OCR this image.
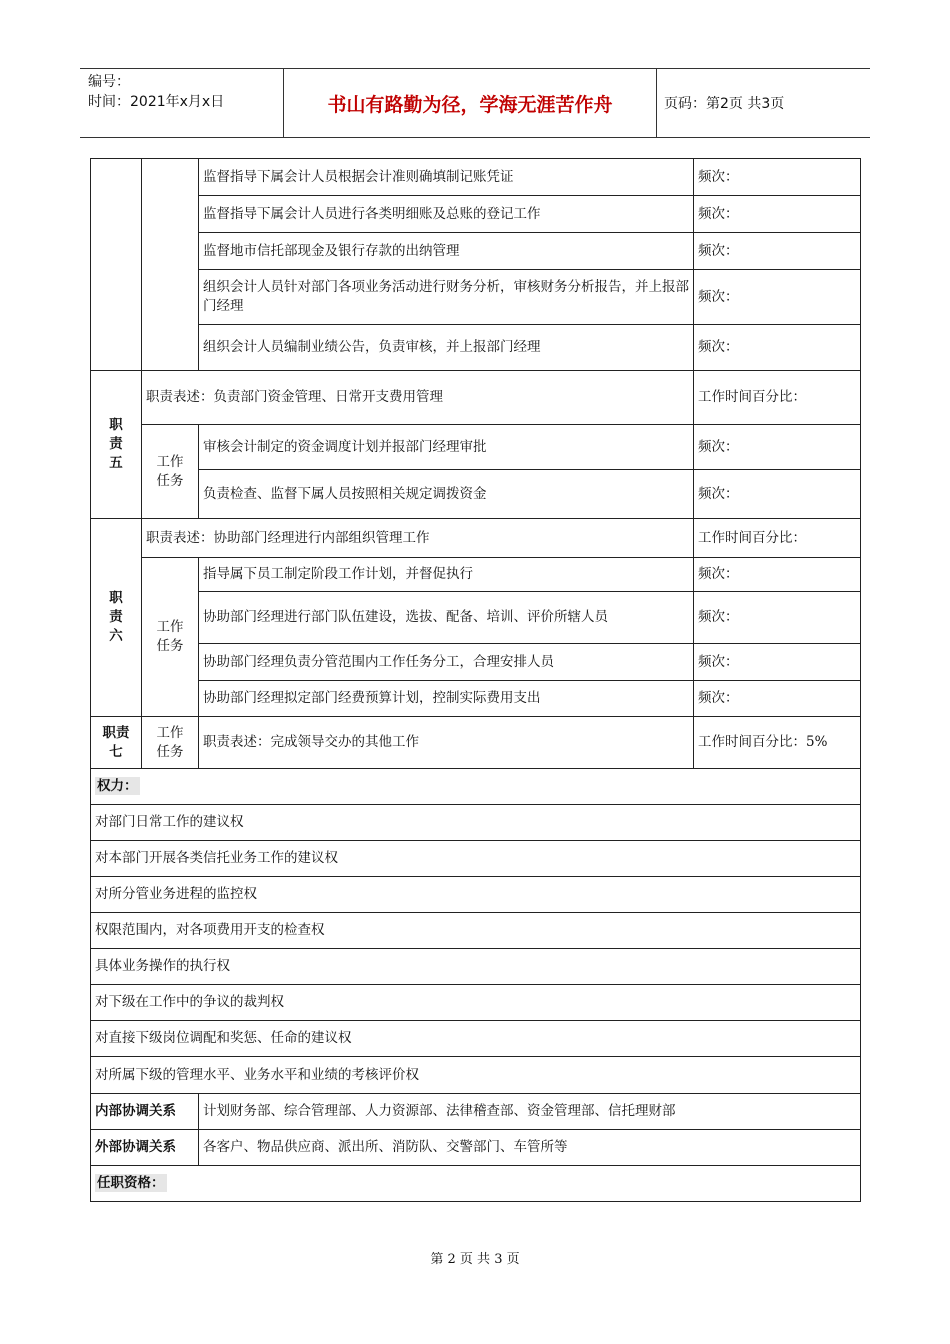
编号：
时间：2021年x月x日	书山有路勤为径，学海无涯苦作舟	页码：第2页 共3页
		监督指导下属会计人员根据会计准则确填制记账凭证	频次：
		监督指导下属会计人员进行各类明细账及总账的登记工作	频次：
		监督地市信托部现金及银行存款的出纳管理	频次：
		组织会计人员针对部门各项业务活动进行财务分析，审核财务分析报告，并上报部门经理	频次：
		组织会计人员编制业绩公告，负责审核，并上报部门经理	频次：

职
责
五	职责表述：负责部门资金管理、日常开支费用管理		工作时间百分比：

	工作
任务	审核会计制定的资金调度计划并报部门经理审批	频次：
		负责检查、监督下属人员按照相关规定调拨资金	频次：

职
责
六	职责表述：协助部门经理进行内部组织管理工作		工作时间百分比：

	工作
任务	指导属下员工制定阶段工作计划，并督促执行	频次：
		协助部门经理进行部门队伍建设，选拔、配备、培训、评价所辖人员	频次：
		协助部门经理负责分管范围内工作任务分工，合理安排人员	频次：
		协助部门经理拟定部门经费预算计划，控制实际费用支出	频次：

职责
七	工作
任务	职责表述：完成领导交办的其他工作	工作时间百分比：5%
权力：			
对部门日常工作的建议权			
对本部门开展各类信托业务工作的建议权			
对所分管业务进程的监控权			
权限范围内，对各项费用开支的检查权			
具体业务操作的执行权			
对下级在工作中的争议的裁判权			
对直接下级岗位调配和奖惩、任命的建议权			
对所属下级的管理水平、业务水平和业绩的考核评价权			
内部协调关系		计划财务部、综合管理部、人力资源部、法律稽查部、资金管理部、信托理财部	
外部协调关系		各客户、物品供应商、派出所、消防队、交警部门、车管所等	
任职资格：			
第 2 页 共 3 页
